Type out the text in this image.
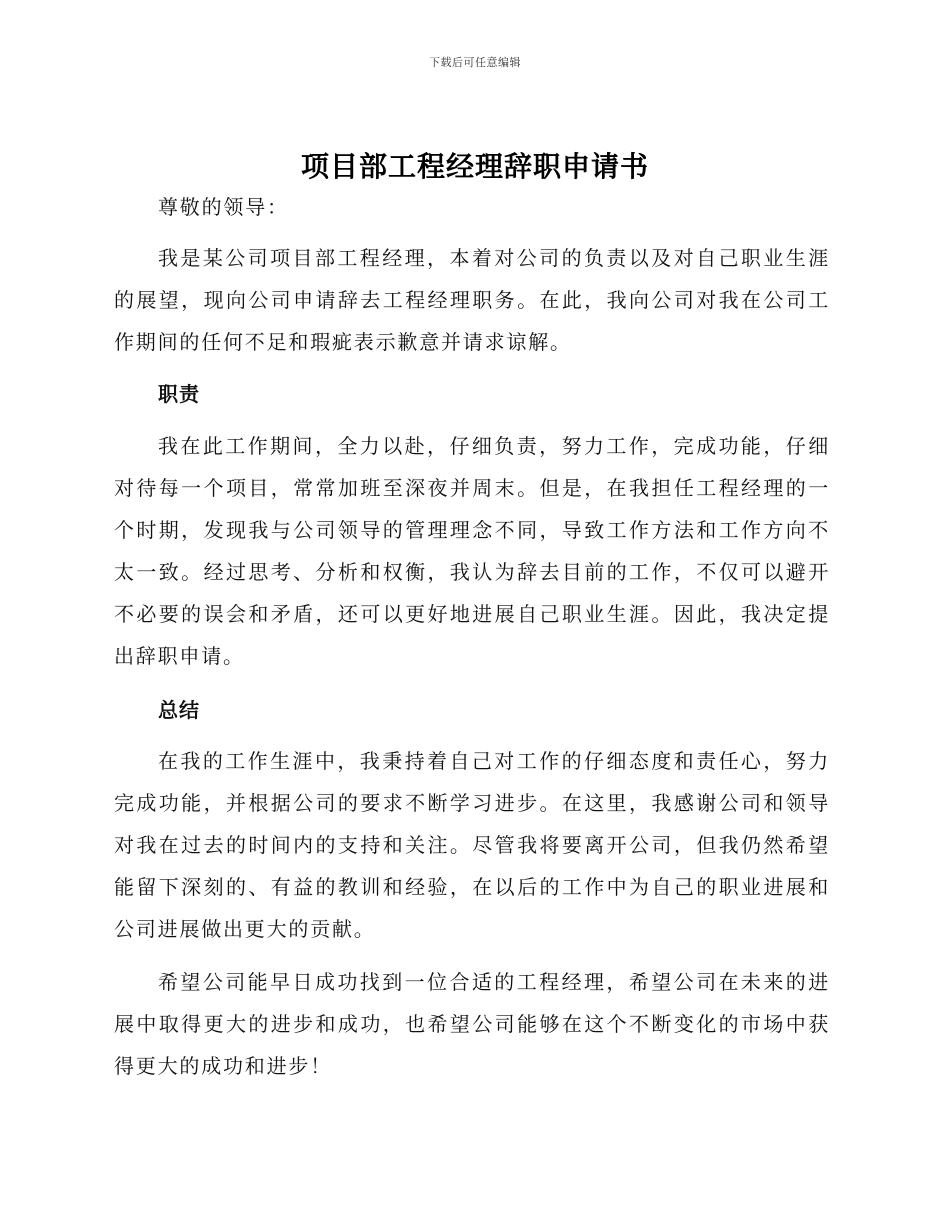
下载后可任意编辑
项目部工程经理辞职申请书
尊敬的领导：
我是某公司项目部工程经理，本着对公司的负责以及对自己职业生涯的展望，现向公司申请辞去工程经理职务。在此，我向公司对我在公司工作期间的任何不足和瑕疵表示歉意并请求谅解。
职责
我在此工作期间，全力以赴，仔细负责，努力工作，完成功能，仔细对待每一个项目，常常加班至深夜并周末。但是，在我担任工程经理的一个时期，发现我与公司领导的管理理念不同，导致工作方法和工作方向不太一致。经过思考、分析和权衡，我认为辞去目前的工作，不仅可以避开不必要的误会和矛盾，还可以更好地进展自己职业生涯。因此，我决定提出辞职申请。
总结
在我的工作生涯中，我秉持着自己对工作的仔细态度和责任心，努力完成功能，并根据公司的要求不断学习进步。在这里，我感谢公司和领导对我在过去的时间内的支持和关注。尽管我将要离开公司，但我仍然希望能留下深刻的、有益的教训和经验，在以后的工作中为自己的职业进展和公司进展做出更大的贡献。
希望公司能早日成功找到一位合适的工程经理，希望公司在未来的进展中取得更大的进步和成功，也希望公司能够在这个不断变化的市场中获得更大的成功和进步！
